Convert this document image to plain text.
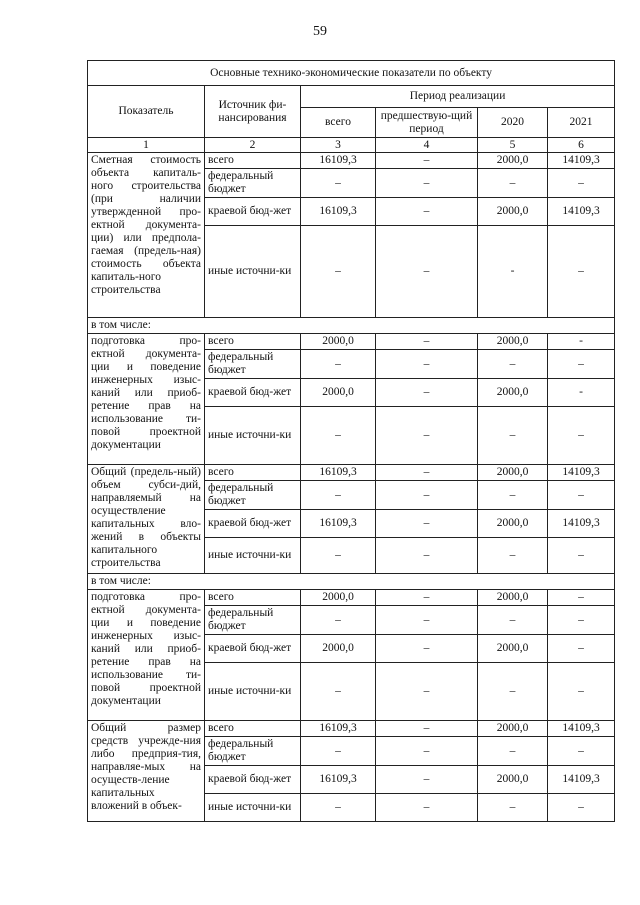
59
Основные технико-экономические показатели по объекту					
Показатель	Источник фи-нансирования	Период реализации			
		всего	предшествую-щий период	2020	2021
1	2	3	4	5	6
Сметная стоимость объекта капиталь-ного строительства (при наличии утвержденной про-ектной документа-ции) или предпола-гаемая (предель-ная) стоимость объекта капиталь-ного строительства	всего	16109,3	–	2000,0	14109,3
	федеральный бюджет	–	–	–	–
	краевой бюд-жет	16109,3	–	2000,0	14109,3
	иные источни-ки	–	–	-	–
в том числе:					
подготовка про-ектной документа-ции и поведение инженерных изыс-каний или приоб-ретение прав на использование ти-повой проектной документации	всего	2000,0	–	2000,0	-
	федеральный бюджет	–	–	–	–
	краевой бюд-жет	2000,0	–	2000,0	-
	иные источни-ки	–	–	–	–
Общий (предель-ный) объем субси-дий, направляемый на осуществление капитальных вло-жений в объекты капитального строительства	всего	16109,3	–	2000,0	14109,3
	федеральный бюджет	–	–	–	–
	краевой бюд-жет	16109,3	–	2000,0	14109,3
	иные источни-ки	–	–	–	–
в том числе:					
подготовка про-ектной документа-ции и поведение инженерных изыс-каний или приоб-ретение прав на использование ти-повой проектной документации	всего	2000,0	–	2000,0	–
	федеральный бюджет	–	–	–	–
	краевой бюд-жет	2000,0	–	2000,0	–
	иные источни-ки	–	–	–	–
Общий размер средств учрежде-ния либо предприя-тия, направляе-мых на осуществ-ление капитальных вложений в объек-	всего	16109,3	–	2000,0	14109,3
	федеральный бюджет	–	–	–	–
	краевой бюд-жет	16109,3	–	2000,0	14109,3
	иные источни-ки	–	–	–	–
